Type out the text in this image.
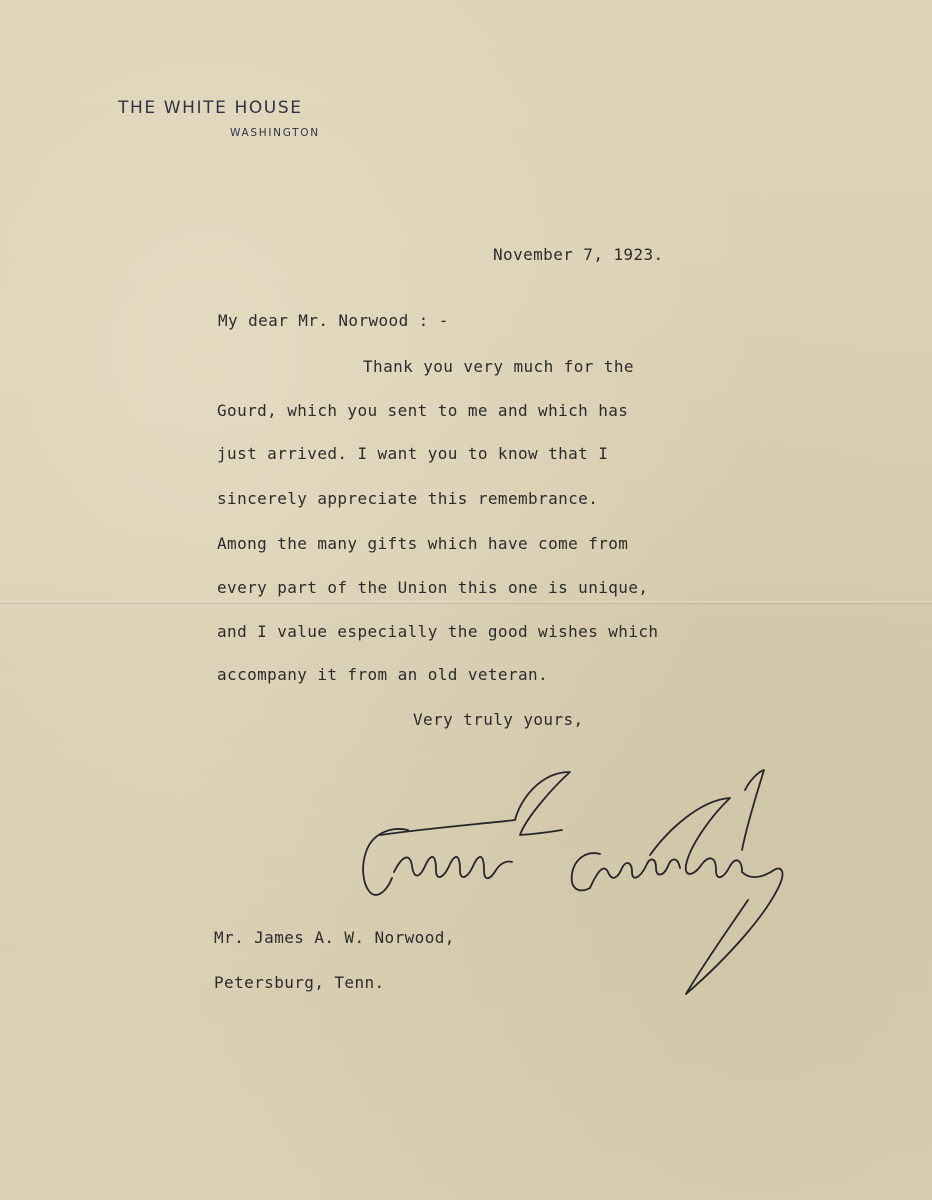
THE WHITE HOUSE
WASHINGTON
November 7, 1923.
My dear Mr. Norwood : -
Thank you very much for the
Gourd, which you sent to me and which has
just arrived. I want you to know that I
sincerely appreciate this remembrance.
Among the many gifts which have come from
every part of the Union this one is unique,
and I value especially the good wishes which
accompany it from an old veteran.
Very truly yours,
Mr. James A. W. Norwood,
Petersburg, Tenn.
